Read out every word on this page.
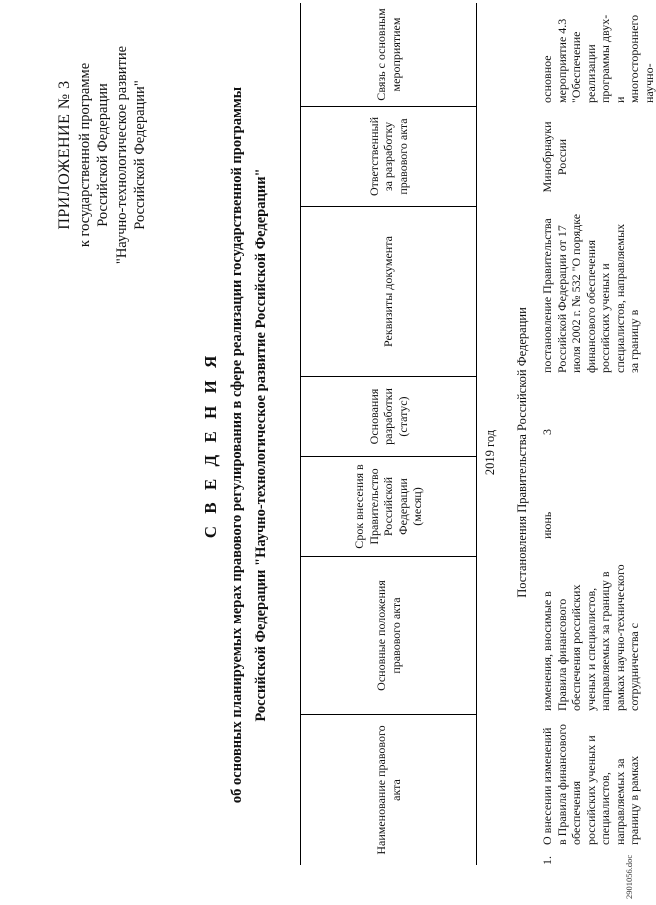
ПРИЛОЖЕНИЕ № 3 к государственной программе Российской Федерации "Научно-технологическое развитие Российской Федерации"
С В Е Д Е Н И Я об основных планируемых мерах правового регулирования в сфере реализации государственной программы Российской Федерации "Научно-технологическое развитие Российской Федерации"
Наименование правового акта
Основные положения правового акта
Срок внесения в Правительство Российской Федерации (месяц)
Основания разработки (статус)
Реквизиты документа
Ответственный за разработку правового акта
Связь с основным мероприятием
2019 год Постановления Правительства Российской Федерации
1.
О внесении изменений в Правила финансового обеспечения российских ученых и специалистов, направляемых за границу в рамках
изменения, вносимые в Правила финансового обеспечения российских ученых и специалистов, направляемых за границу в рамках научно-технического сотрудничества с
июнь
3
постановление Правительства Российской Федерации от 17 июля 2002 г. № 532 "О порядке финансового обеспечения российских ученых и специалистов, направляемых за границу в
Минобрнауки России
основное мероприятие 4.3 "Обеспечение реализации программы двух- и многостороннего научно-
2901056.doc
